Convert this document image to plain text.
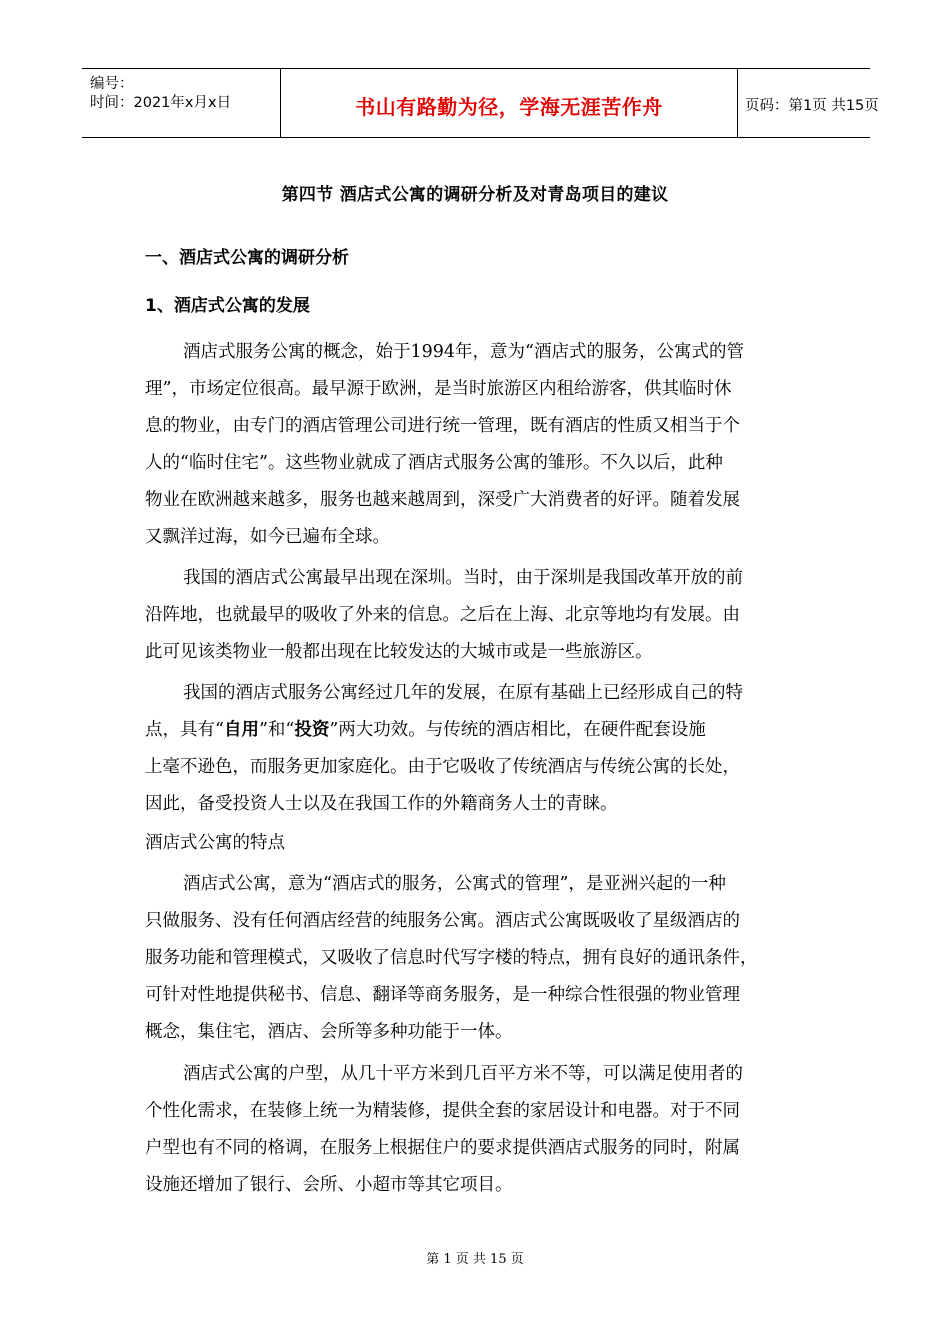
编号：
时间：2021年x月x日	书山有路勤为径，学海无涯苦作舟	页码：第1页 共15页
第四节 酒店式公寓的调研分析及对青岛项目的建议
一、酒店式公寓的调研分析
1、酒店式公寓的发展
酒店式服务公寓的概念，始于1994年，意为“酒店式的服务，公寓式的管
理”，市场定位很高。最早源于欧洲，是当时旅游区内租给游客，供其临时休
息的物业，由专门的酒店管理公司进行统一管理，既有酒店的性质又相当于个
人的“临时住宅”。这些物业就成了酒店式服务公寓的雏形。不久以后，此种
物业在欧洲越来越多，服务也越来越周到，深受广大消费者的好评。随着发展
又飘洋过海，如今已遍布全球。
我国的酒店式公寓最早出现在深圳。当时，由于深圳是我国改革开放的前
沿阵地，也就最早的吸收了外来的信息。之后在上海、北京等地均有发展。由
此可见该类物业一般都出现在比较发达的大城市或是一些旅游区。
我国的酒店式服务公寓经过几年的发展，在原有基础上已经形成自己的特
点，具有“自用”和“投资”两大功效。与传统的酒店相比，在硬件配套设施
上毫不逊色，而服务更加家庭化。由于它吸收了传统酒店与传统公寓的长处，
因此，备受投资人士以及在我国工作的外籍商务人士的青睐。
酒店式公寓的特点
酒店式公寓，意为“酒店式的服务，公寓式的管理”，是亚洲兴起的一种
只做服务、没有任何酒店经营的纯服务公寓。酒店式公寓既吸收了星级酒店的
服务功能和管理模式，又吸收了信息时代写字楼的特点，拥有良好的通讯条件，
可针对性地提供秘书、信息、翻译等商务服务，是一种综合性很强的物业管理
概念，集住宅，酒店、会所等多种功能于一体。
酒店式公寓的户型，从几十平方米到几百平方米不等，可以满足使用者的
个性化需求，在装修上统一为精装修，提供全套的家居设计和电器。对于不同
户型也有不同的格调，在服务上根据住户的要求提供酒店式服务的同时，附属
设施还增加了银行、会所、小超市等其它项目。
第 1 页 共 15 页
